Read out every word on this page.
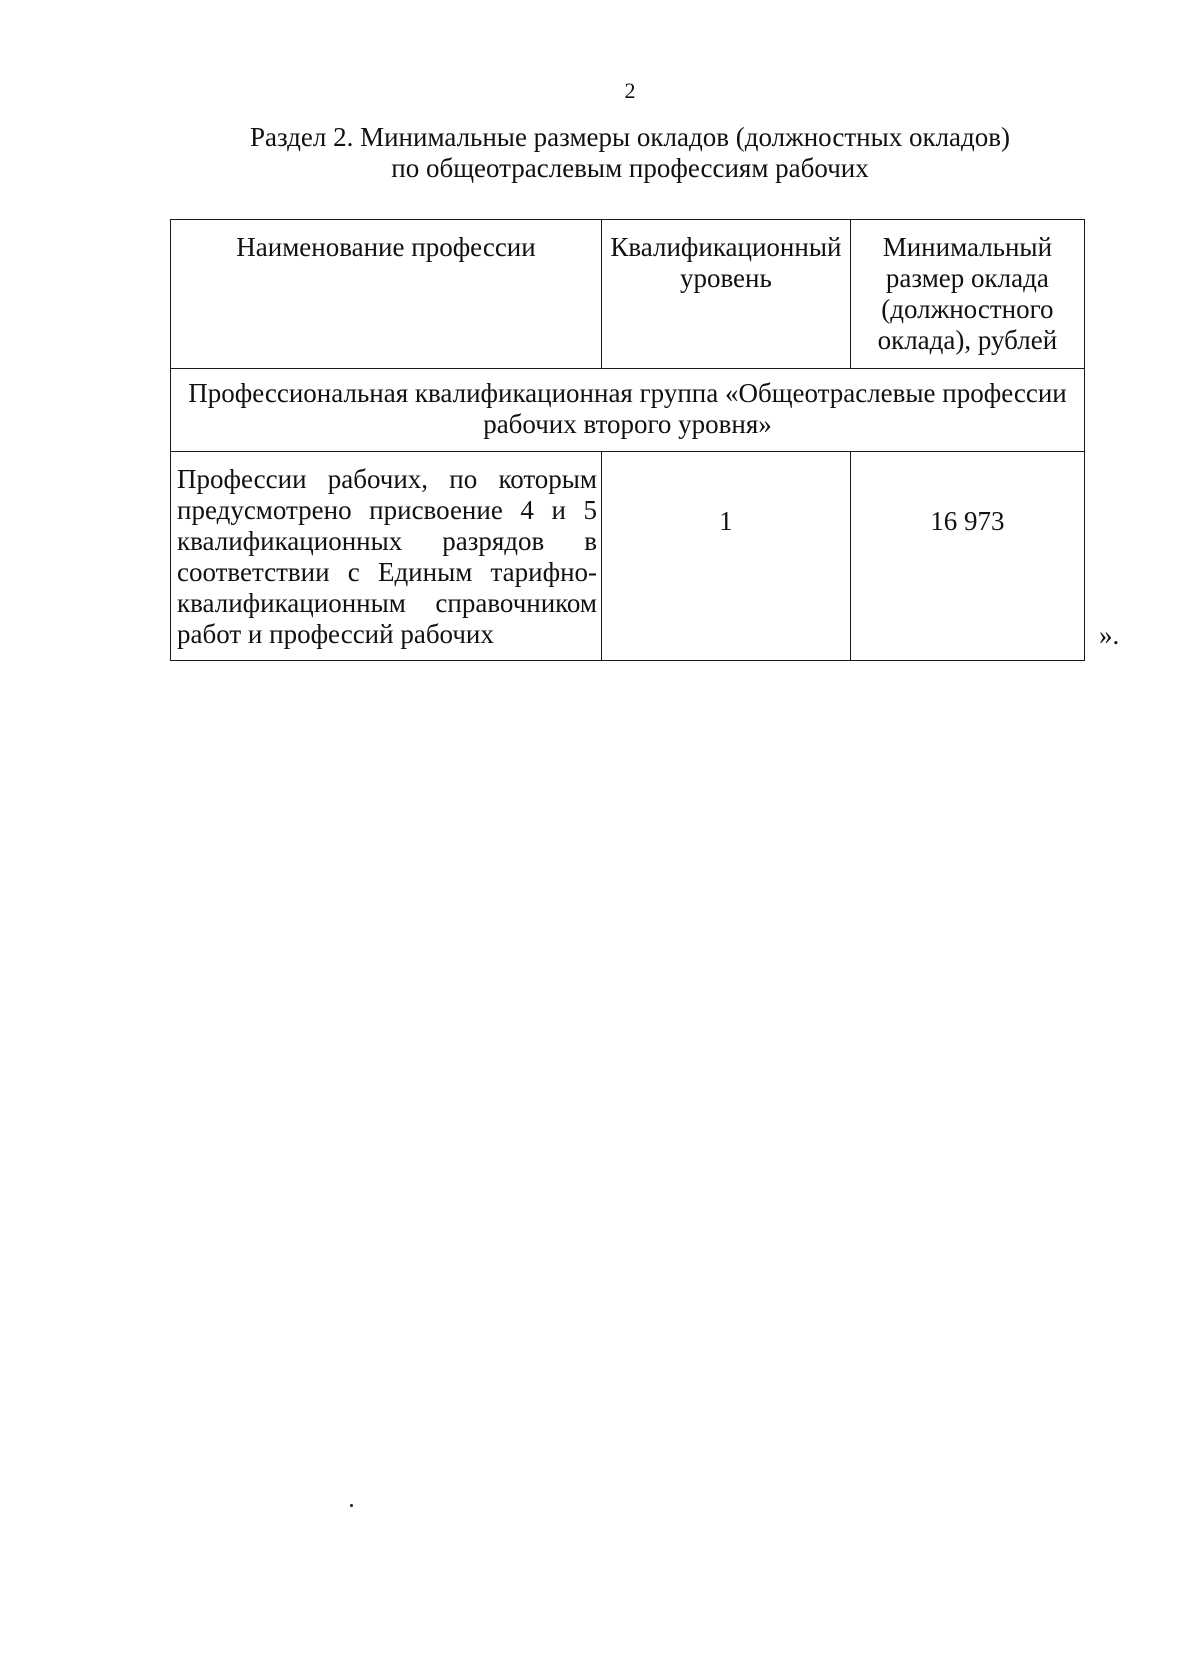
2
Раздел 2. Минимальные размеры окладов (должностных окладов)
по общеотраслевым профессиям рабочих
Наименование профессии	Квалификационный уровень	Минимальный размер оклада (должностного оклада), рублей

Профессиональная квалификационная группа «Общеотраслевые профессии рабочих второго уровня»		

Профессии рабочих, по которым предусмотрено присвоение 4 и 5 квалификационных разрядов в соответствии с Единым тарифно-квалификационным справочником работ и профессий рабочих	1	16 973
».
